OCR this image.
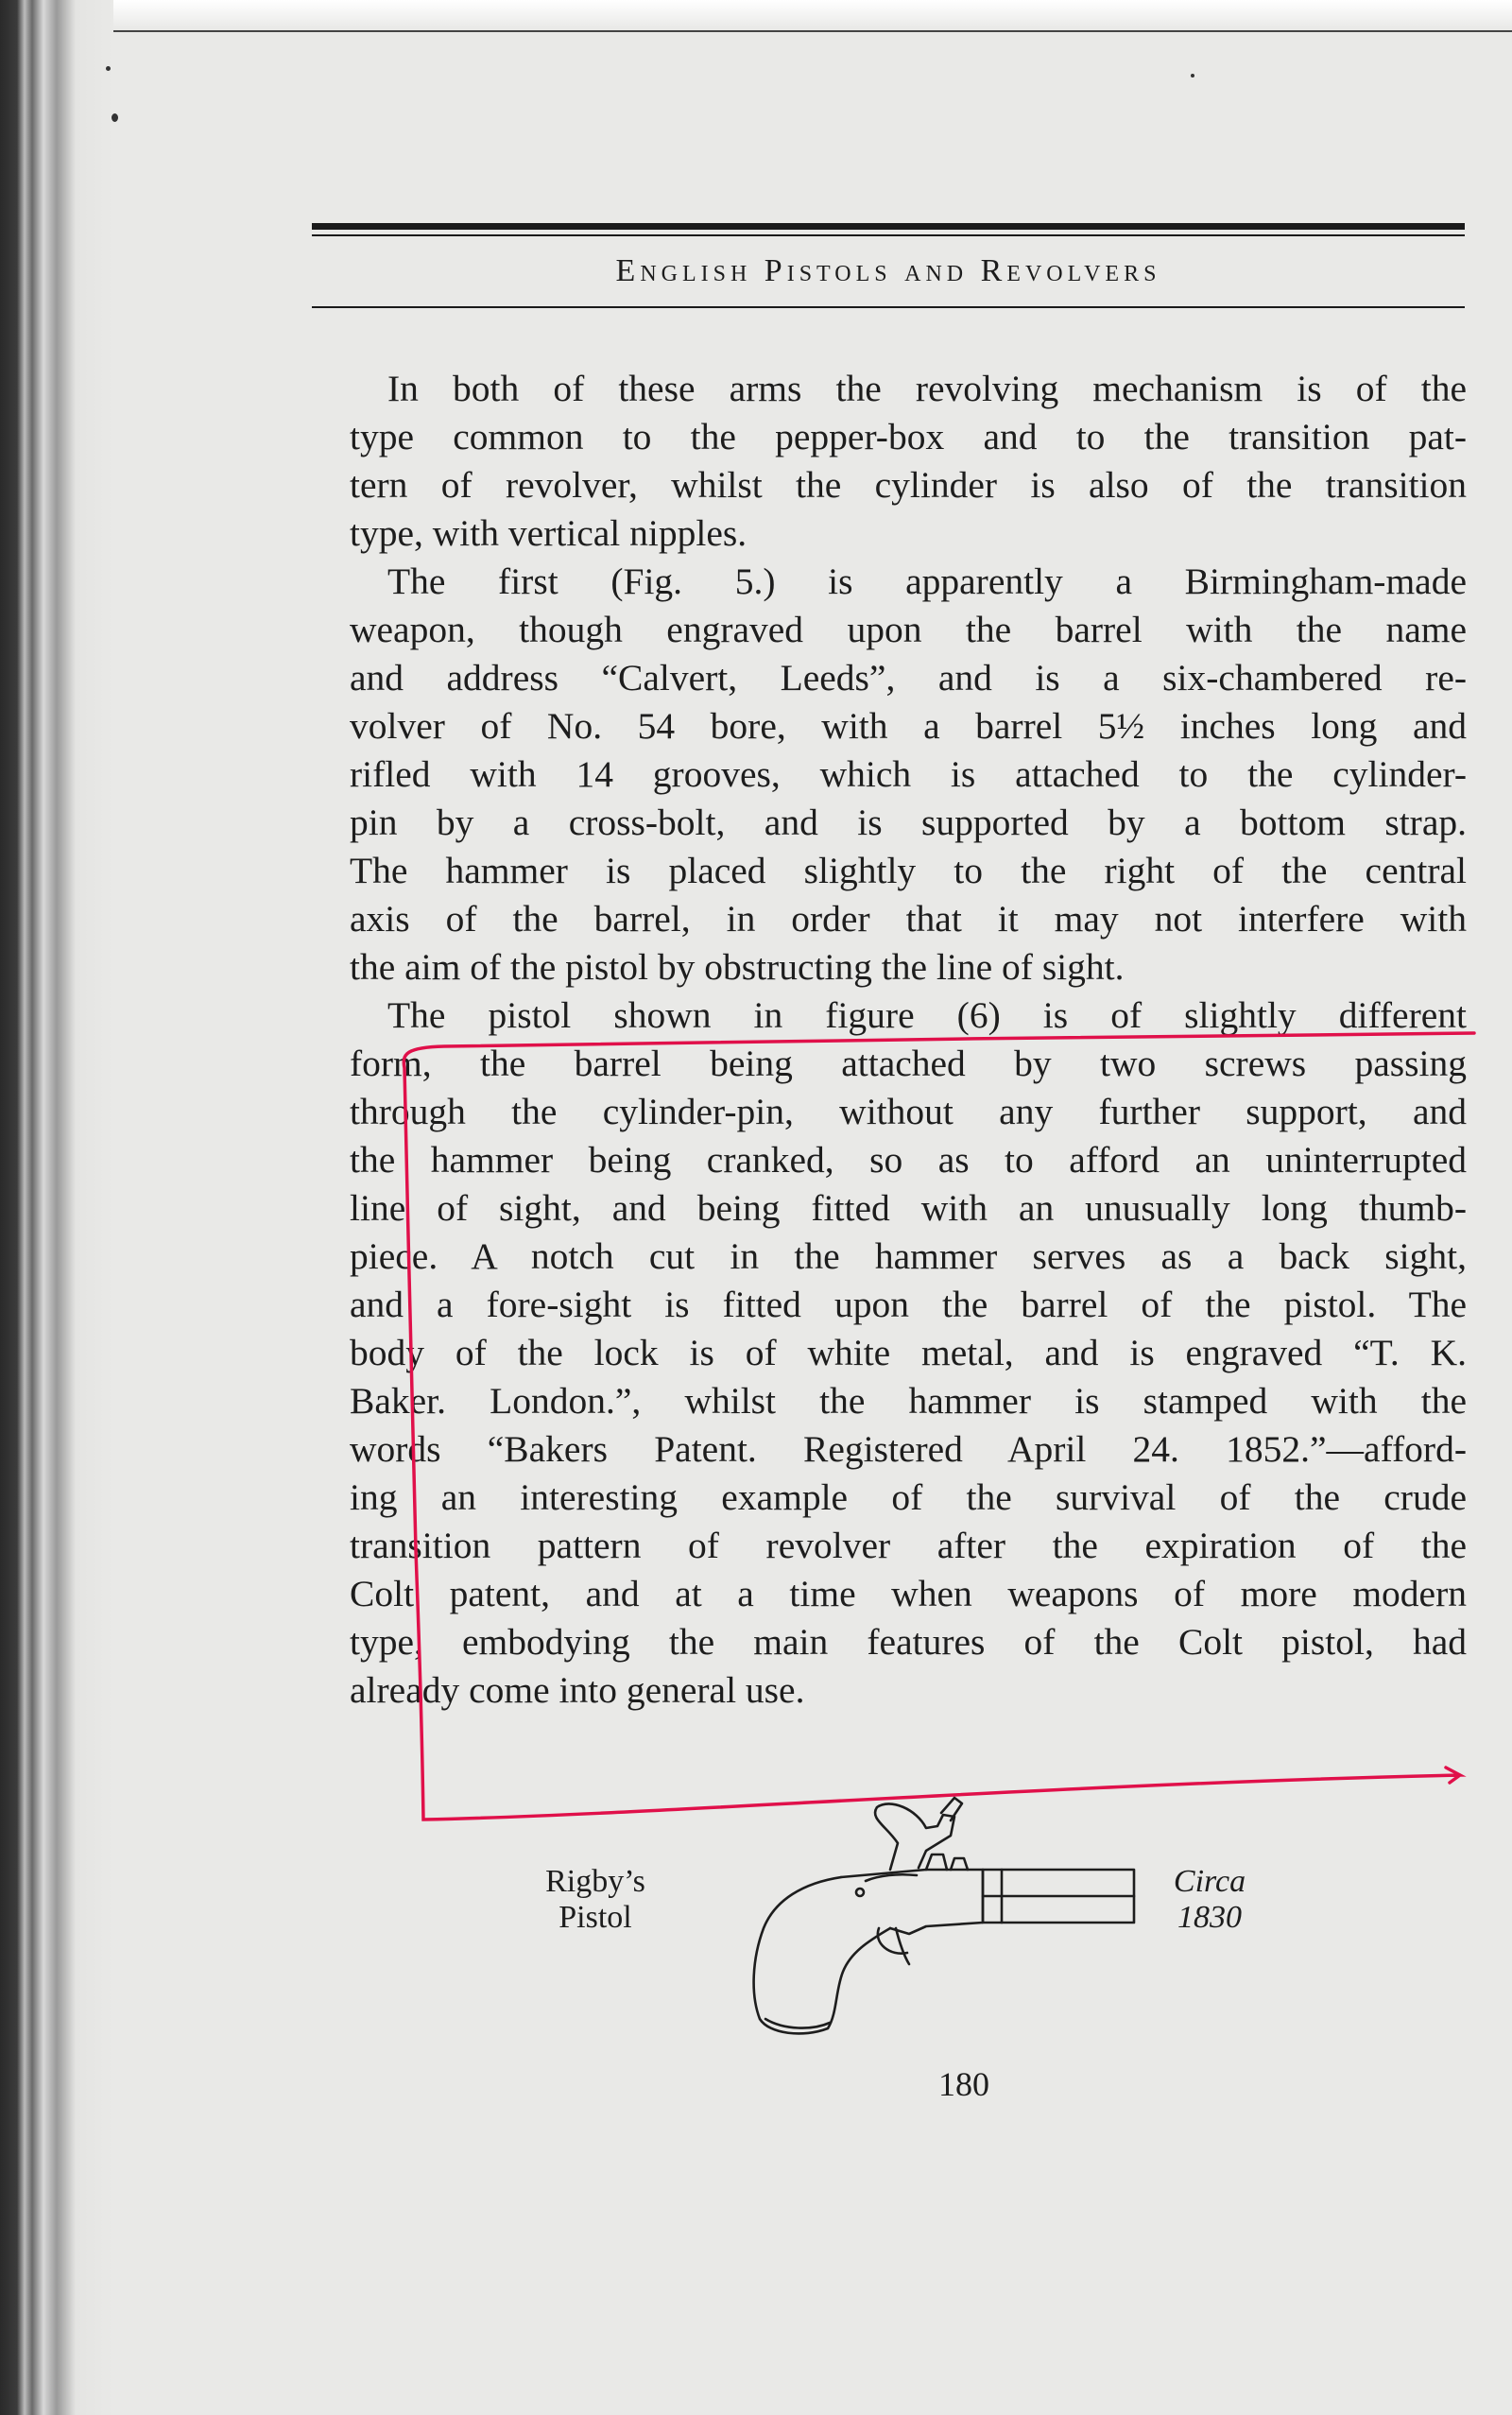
English Pistols and Revolvers
In both of these arms the revolving mechanism is of the
type common to the pepper-box and to the transition pat-
tern of revolver, whilst the cylinder is also of the transition
type, with vertical nipples.
The first (Fig. 5.) is apparently a Birmingham-made
weapon, though engraved upon the barrel with the name
and address “Calvert, Leeds”, and is a six-chambered re-
volver of No. 54 bore, with a barrel 5½ inches long and
rifled with 14 grooves, which is attached to the cylinder-
pin by a cross-bolt, and is supported by a bottom strap.
The hammer is placed slightly to the right of the central
axis of the barrel, in order that it may not interfere with
the aim of the pistol by obstructing the line of sight.
The pistol shown in figure (6) is of slightly different
form, the barrel being attached by two screws passing
through the cylinder-pin, without any further support, and
the hammer being cranked, so as to afford an uninterrupted
line of sight, and being fitted with an unusually long thumb-
piece. A notch cut in the hammer serves as a back sight,
and a fore-sight is fitted upon the barrel of the pistol. The
body of the lock is of white metal, and is engraved “T. K.
Baker. London.”, whilst the hammer is stamped with the
words “Bakers Patent. Registered April 24. 1852.”—afford-
ing an interesting example of the survival of the crude
transition pattern of revolver after the expiration of the
Colt patent, and at a time when weapons of more modern
type, embodying the main features of the Colt pistol, had
already come into general use.
Rigby’s
Pistol
Circa
1830
180
